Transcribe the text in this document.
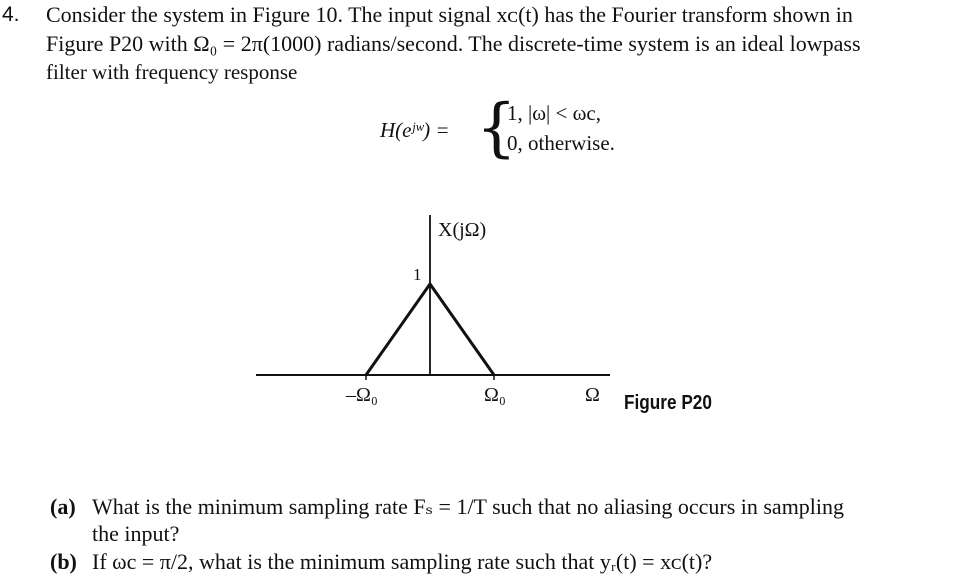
4. Consider the system in Figure 10. The input signal xᴄ(t) has the Fourier transform shown in
Figure P20 with Ω₀ = 2π(1000) radians/second. The discrete-time system is an ideal lowpass
filter with frequency response
H(eʲʷ) = {
1, |ω| < ωc,
0, otherwise.
X(jΩ)
1
–Ω₀	Ω₀	Ω Figure P20
(a) What is the minimum sampling rate Fₛ = 1/T such that no aliasing occurs in sampling
the input?
(b) If ωc = π/2, what is the minimum sampling rate such that yᵣ(t) = xᴄ(t)?
